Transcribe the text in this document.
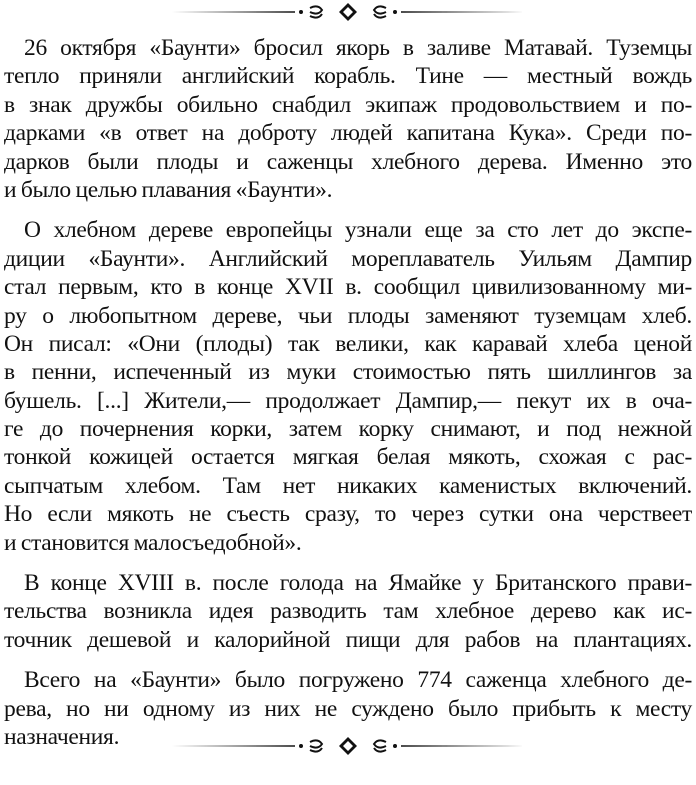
26 октября «Баунти» бросил якорь в заливе Матавай. Туземцы
тепло приняли английский корабль. Тине — местный вождь
в знак дружбы обильно снабдил экипаж продовольствием и по-
дарками «в ответ на доброту людей капитана Кука». Среди по-
дарков были плоды и саженцы хлебного дерева. Именно это
и было целью плавания «Баунти».
О хлебном дереве европейцы узнали еще за сто лет до экспе-
диции «Баунти». Английский мореплаватель Уильям Дампир
стал первым, кто в конце XVII в. сообщил цивилизованному ми-
ру о любопытном дереве, чьи плоды заменяют туземцам хлеб.
Он писал: «Они (плоды) так велики, как каравай хлеба ценой
в пенни, испеченный из муки стоимостью пять шиллингов за
бушель. [...] Жители,— продолжает Дампир,— пекут их в оча-
ге до почернения корки, затем корку снимают, и под нежной
тонкой кожицей остается мягкая белая мякоть, схожая с рас-
сыпчатым хлебом. Там нет никаких каменистых включений.
Но если мякоть не съесть сразу, то через сутки она черствеет
и становится малосъедобной».
В конце XVIII в. после голода на Ямайке у Британского прави-
тельства возникла идея разводить там хлебное дерево как ис-
точник дешевой и калорийной пищи для рабов на плантациях.
Всего на «Баунти» было погружено 774 саженца хлебного де-
рева, но ни одному из них не суждено было прибыть к месту
назначения.
